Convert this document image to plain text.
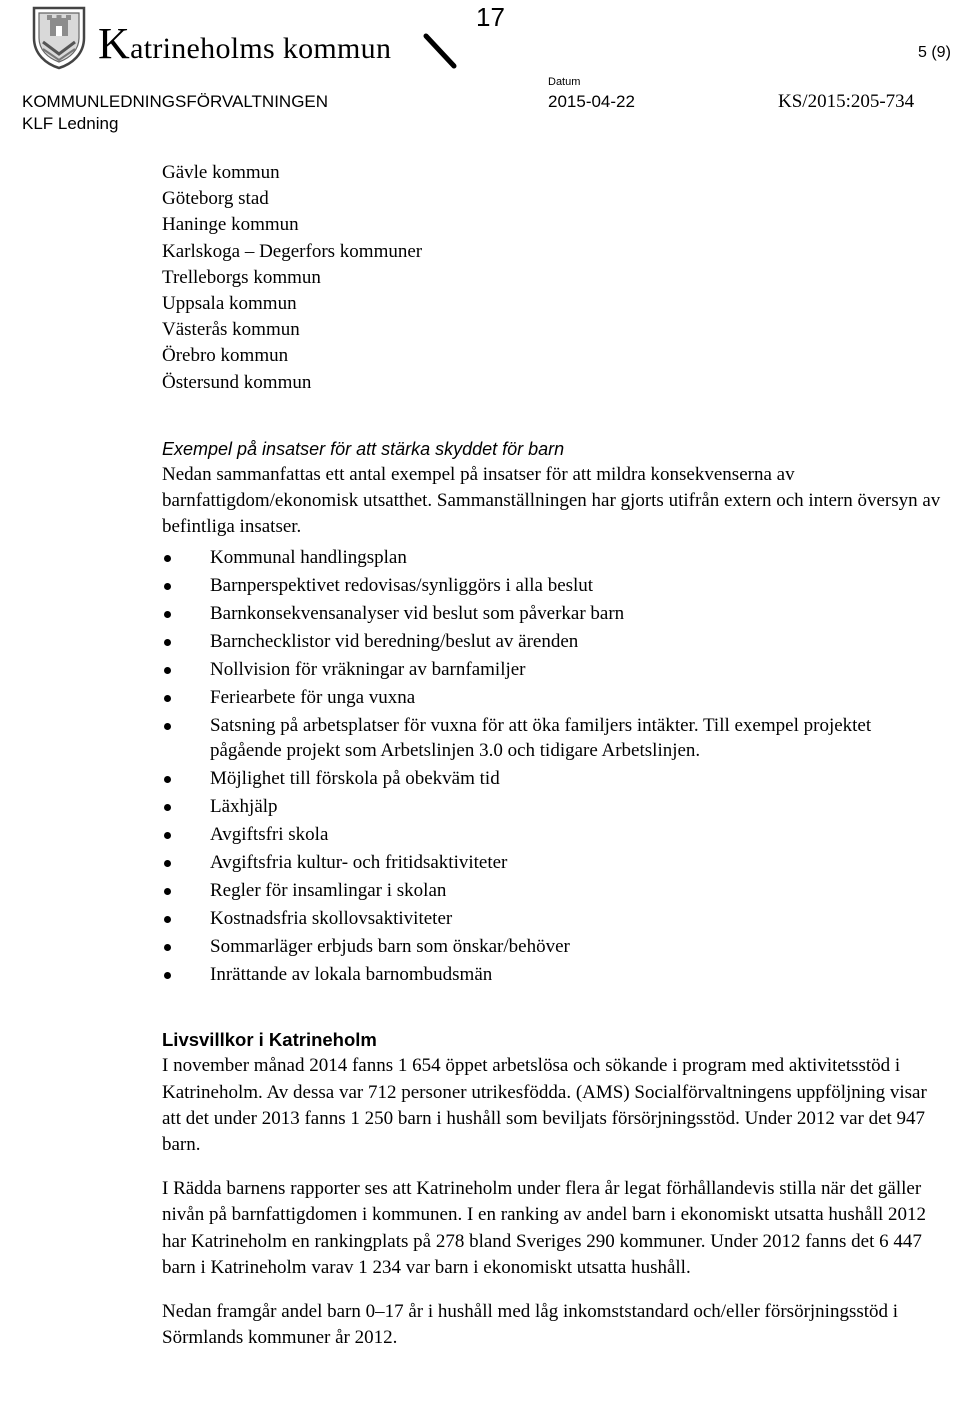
Katrineholms kommun
17
5 (9)
KOMMUNLEDNINGSFÖRVALTNINGEN
KLF Ledning
Datum
2015-04-22	KS/2015:205-734
Gävle kommun
Göteborg stad
Haninge kommun
Karlskoga – Degerfors kommuner
Trelleborgs kommun
Uppsala kommun
Västerås kommun
Örebro kommun
Östersund kommun
Exempel på insatser för att stärka skyddet för barn

Nedan sammanfattas ett antal exempel på insatser för att mildra konsekvenserna av barnfattigdom/ekonomisk utsatthet. Sammanställningen har gjorts utifrån extern och intern översyn av befintliga insatser.

Kommunal handlingsplan
Barnperspektivet redovisas/synliggörs i alla beslut
Barnkonsekvensanalyser vid beslut som påverkar barn
Barnchecklistor vid beredning/beslut av ärenden
Nollvision för vräkningar av barnfamiljer
Feriearbete för unga vuxna
Satsning på arbetsplatser för vuxna för att öka familjers intäkter. Till exempel projektet pågående projekt som Arbetslinjen 3.0 och tidigare Arbetslinjen.
Möjlighet till förskola på obekväm tid
Läxhjälp
Avgiftsfri skola
Avgiftsfria kultur- och fritidsaktiviteter
Regler för insamlingar i skolan
Kostnadsfria skollovsaktiviteter
Sommarläger erbjuds barn som önskar/behöver
Inrättande av lokala barnombudsmän
Livsvillkor i Katrineholm

I november månad 2014 fanns 1 654 öppet arbetslösa och sökande i program med aktivitetsstöd i Katrineholm. Av dessa var 712 personer utrikesfödda. (AMS) Socialförvaltningens uppföljning visar att det under 2013 fanns 1 250 barn i hushåll som beviljats försörjningsstöd. Under 2012 var det 947 barn.

I Rädda barnens rapporter ses att Katrineholm under flera år legat förhållandevis stilla när det gäller nivån på barnfattigdomen i kommunen. I en ranking av andel barn i ekonomiskt utsatta hushåll 2012 har Katrineholm en rankingplats på 278 bland Sveriges 290 kommuner. Under 2012 fanns det 6 447 barn i Katrineholm varav 1 234 var barn i ekonomiskt utsatta hushåll.

Nedan framgår andel barn 0–17 år i hushåll med låg inkomststandard och/eller försörjningsstöd i Sörmlands kommuner år 2012.
